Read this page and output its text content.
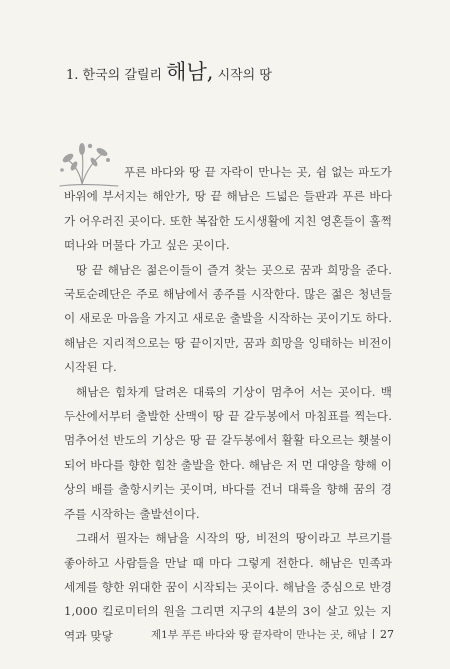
1. 한국의 갈릴리 해남, 시작의 땅

푸른 바다와 땅 끝 자락이 만나는 곳, 쉼 없는 파도가 바위에 부서지는 해안가, 땅 끝 해남은 드넓은 들판과 푸른 바다가 어우러진 곳이다. 또한 복잡한 도시생활에 지친 영혼들이 훌쩍 떠나와 머물다 가고 싶은 곳이다.

땅 끝 해남은 젊은이들이 즐겨 찾는 곳으로 꿈과 희망을 준다. 국토순례단은 주로 해남에서 종주를 시작한다. 많은 젊은 청년들이 새로운 마음을 가지고 새로운 출발을 시작하는 곳이기도 하다. 해남은 지리적으로는 땅 끝이지만, 꿈과 희망을 잉태하는 비전이 시작된 다.

해남은 힘차게 달려온 대륙의 기상이 멈추어 서는 곳이다. 백두산에서부터 출발한 산맥이 땅 끝 갈두봉에서 마침표를 찍는다. 멈추어선 반도의 기상은 땅 끝 갈두봉에서 활활 타오르는 횃불이 되어 바다를 향한 힘찬 출발을 한다. 해남은 저 먼 대양을 향해 이상의 배를 출항시키는 곳이며, 바다를 건너 대륙을 향해 꿈의 경주를 시작하는 출발선이다.

그래서 필자는 해남을 시작의 땅, 비전의 땅이라고 부르기를 좋아하고 사람들을 만날 때 마다 그렇게 전한다. 해남은 민족과 세계를 향한 위대한 꿈이 시작되는 곳이다. 해남을 중심으로 반경 1,000 킬로미터의 원을 그리면 지구의 4분의 3이 살고 있는 지역과 맞닿	제1부 푸른 바다와 땅 끝자락이 만나는 곳, 해남 27
